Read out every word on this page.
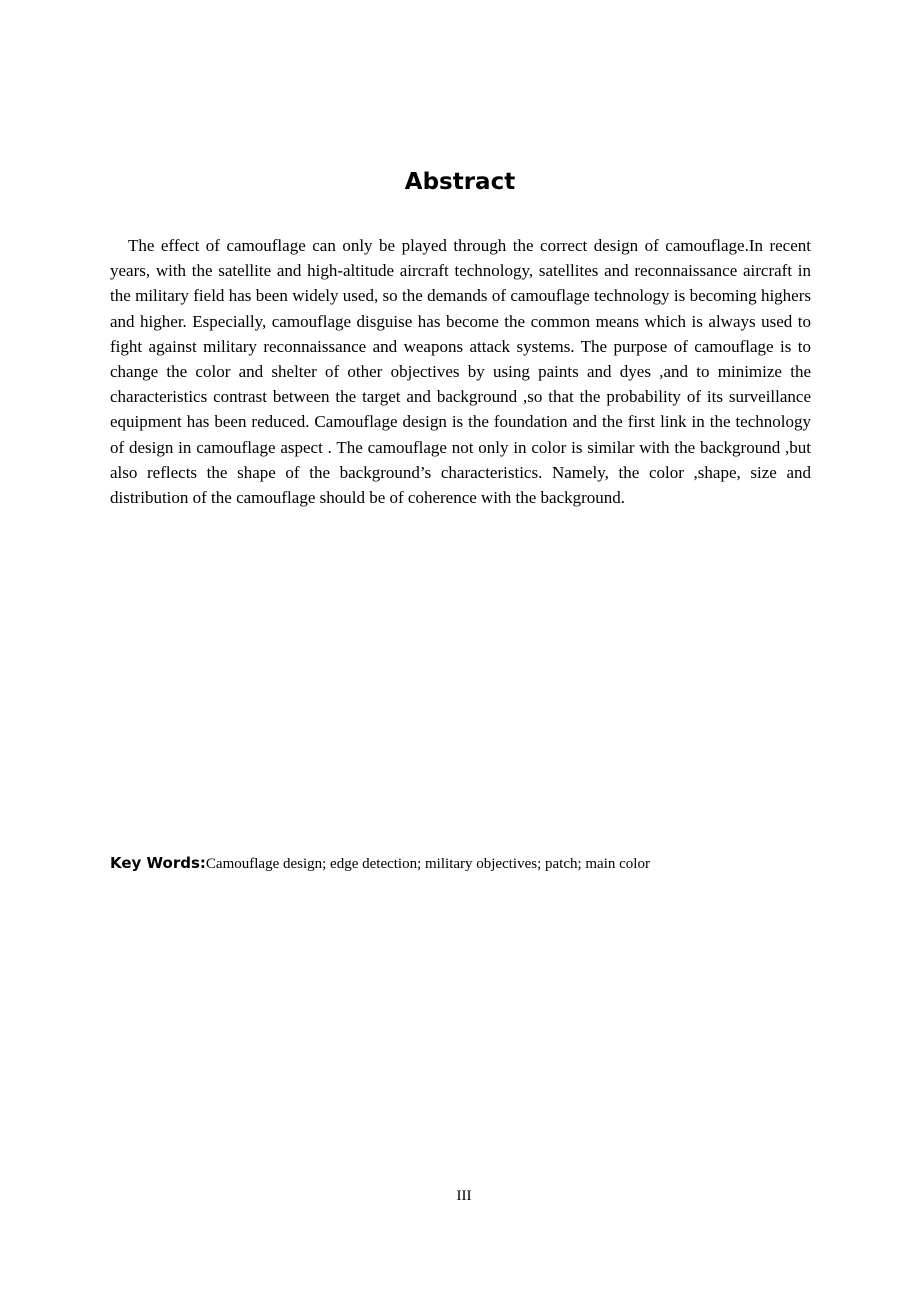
Abstract

The effect of camouflage can only be played through the correct design of camouflage.In recent years, with the satellite and high-altitude aircraft technology, satellites and reconnaissance aircraft in the military field has been widely used, so the demands of camouflage technology is becoming highers and higher. Especially, camouflage disguise has become the common means which is always used to fight against military reconnaissance and weapons attack systems. The purpose of camouflage is to change the color and shelter of other objectives by using paints and dyes ,and to minimize the characteristics contrast between the target and background ,so that the probability of its surveillance equipment has been reduced. Camouflage design is the foundation and the first link in the technology of design in camouflage aspect . The camouflage not only in color is similar with the background ,but also reflects the shape of the background’s characteristics. Namely, the color ,shape, size and distribution of the camouflage should be of coherence with the background.

Key Words:Camouflage design; edge detection; military objectives; patch; main color

III
